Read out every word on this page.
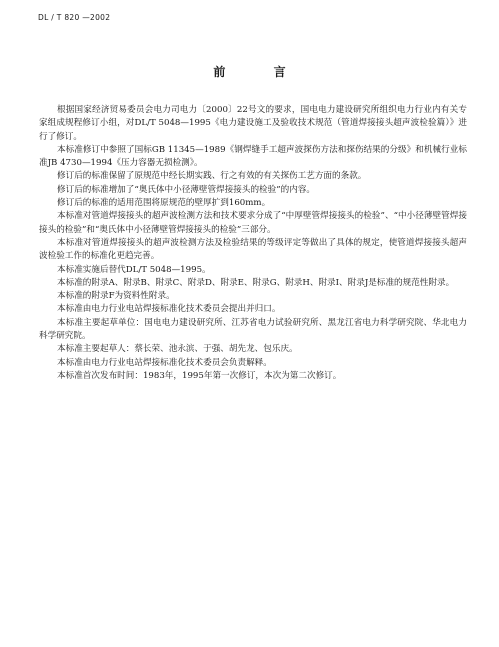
DL / T 820 —2002
前 言

根据国家经济贸易委员会电力司电力〔2000〕22号文的要求，国电电力建设研究所组织电力行业内有关专家组成规程修订小组，对DL/T 5048—1995《电力建设施工及验收技术规范（管道焊接接头超声波检验篇）》进行了修订。

本标准修订中参照了国标GB 11345—1989《钢焊缝手工超声波探伤方法和探伤结果的分级》和机械行业标准JB 4730—1994《压力容器无损检测》。

修订后的标准保留了原规范中经长期实践、行之有效的有关探伤工艺方面的条款。

修订后的标准增加了“奥氏体中小径薄壁管焊接接头的检验”的内容。

修订后的标准的适用范围将原规范的壁厚扩到160mm。

本标准对管道焊接接头的超声波检测方法和技术要求分成了“中厚壁管焊接接头的检验”、“中小径薄壁管焊接接头的检验”和“奥氏体中小径薄壁管焊接接头的检验”三部分。

本标准对管道焊接接头的超声波检测方法及检验结果的等级评定等做出了具体的规定，使管道焊接接头超声波检验工作的标准化更趋完善。

本标准实施后替代DL/T 5048—1995。

本标准的附录A、附录B、附录C、附录D、附录E、附录G、附录H、附录I、附录J是标准的规范性附录。

本标准的附录F为资料性附录。

本标准由电力行业电站焊接标准化技术委员会提出并归口。

本标准主要起草单位：国电电力建设研究所、江苏省电力试验研究所、黑龙江省电力科学研究院、华北电力科学研究院。

本标准主要起草人：蔡长荣、池永滨、于强、胡先龙、包乐庆。

本标准由电力行业电站焊接标准化技术委员会负责解释。

本标准首次发布时间：1983年，1995年第一次修订，本次为第二次修订。
